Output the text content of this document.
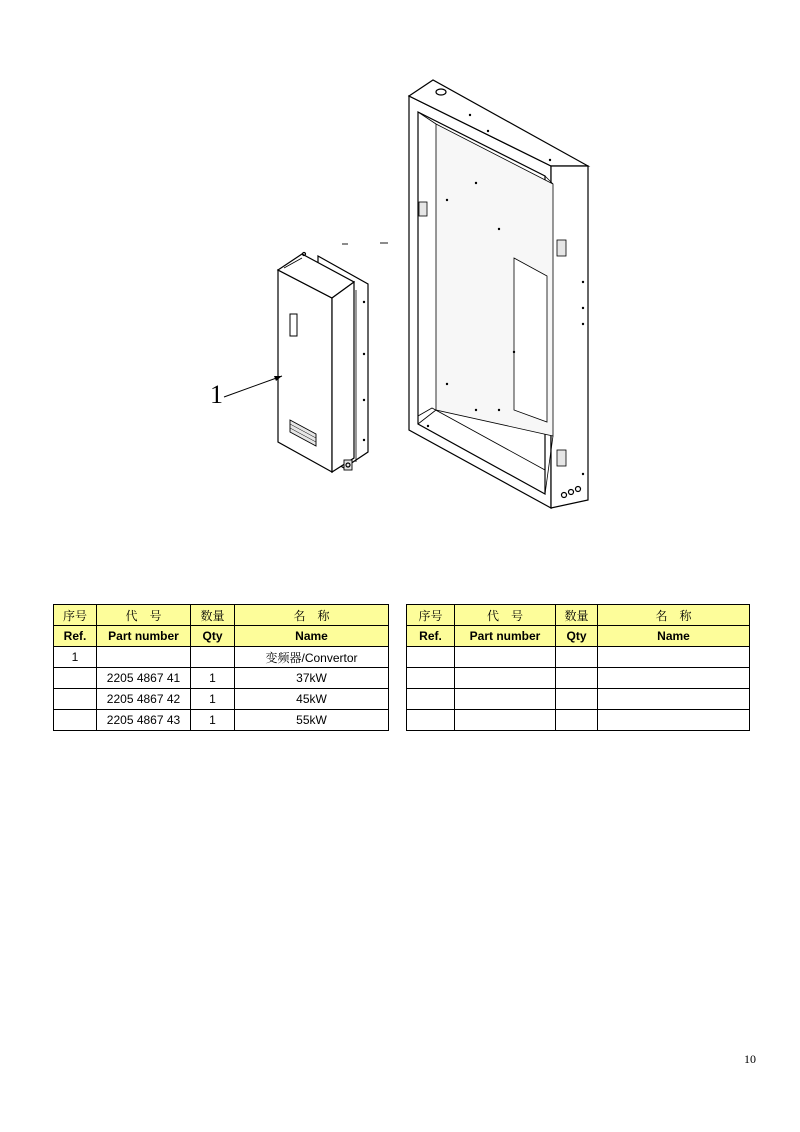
1
序号	代　号	数量	名　称
Ref.	Part number	Qty	Name
1			变频器/Convertor
	2205 4867 41	1	37kW
	2205 4867 42	1	45kW
	2205 4867 43	1	55kW
序号	代　号	数量	名　称
Ref.	Part number	Qty	Name

10
